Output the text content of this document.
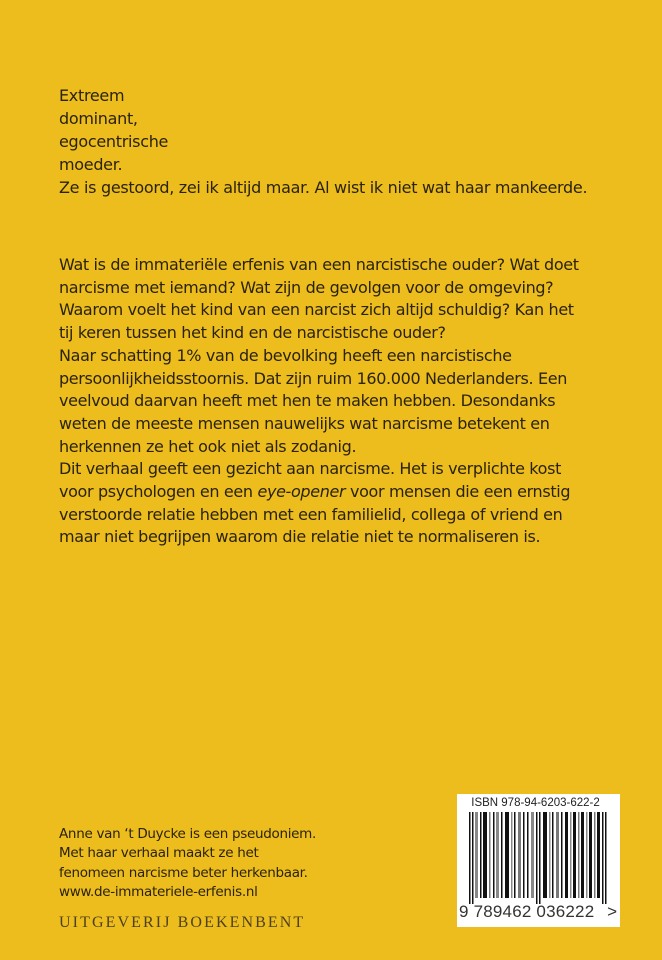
Extreem
dominant,
egocentrische
moeder.
Ze is gestoord, zei ik altijd maar. Al wist ik niet wat haar mankeerde.
Wat is de immateriële erfenis van een narcistische ouder? Wat doet
narcisme met iemand? Wat zijn de gevolgen voor de omgeving?
Waarom voelt het kind van een narcist zich altijd schuldig? Kan het
tij keren tussen het kind en de narcistische ouder?
Naar schatting 1% van de bevolking heeft een narcistische
persoonlijkheidsstoornis. Dat zijn ruim 160.000 Nederlanders. Een
veelvoud daarvan heeft met hen te maken hebben. Desondanks
weten de meeste mensen nauwelijks wat narcisme betekent en
herkennen ze het ook niet als zodanig.
Dit verhaal geeft een gezicht aan narcisme. Het is verplichte kost
voor psychologen en een eye-opener voor mensen die een ernstig
verstoorde relatie hebben met een familielid, collega of vriend en
maar niet begrijpen waarom die relatie niet te normaliseren is.
Anne van ‘t Duycke is een pseudoniem.
Met haar verhaal maakt ze het
fenomeen narcisme beter herkenbaar.
www.de-immateriele-erfenis.nl
UITGEVERIJ BOEKENBENT
ISBN 978-94-6203-622-2
9 789462 036222 >
